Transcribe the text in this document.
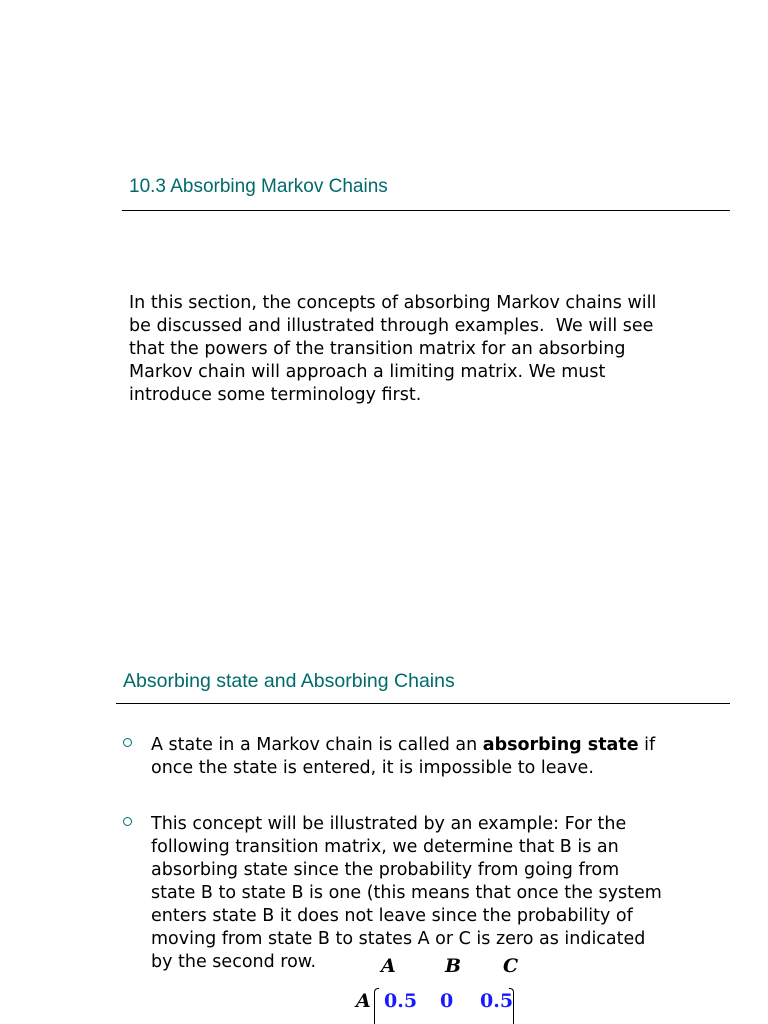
10.3 Absorbing Markov Chains
In this section, the concepts of absorbing Markov chains will
be discussed and illustrated through examples.  We will see
that the powers of the transition matrix for an absorbing
Markov chain will approach a limiting matrix. We must
introduce some terminology first.
Absorbing state and Absorbing Chains
A state in a Markov chain is called an absorbing state if
once the state is entered, it is impossible to leave.
This concept will be illustrated by an example: For the
following transition matrix, we determine that B is an
absorbing state since the probability from going from
state B to state B is one (this means that once the system
enters state B it does not leave since the probability of
moving from state B to states A or C is zero as indicated
by the second row.	A	B C
A 0.5 0 0.5
